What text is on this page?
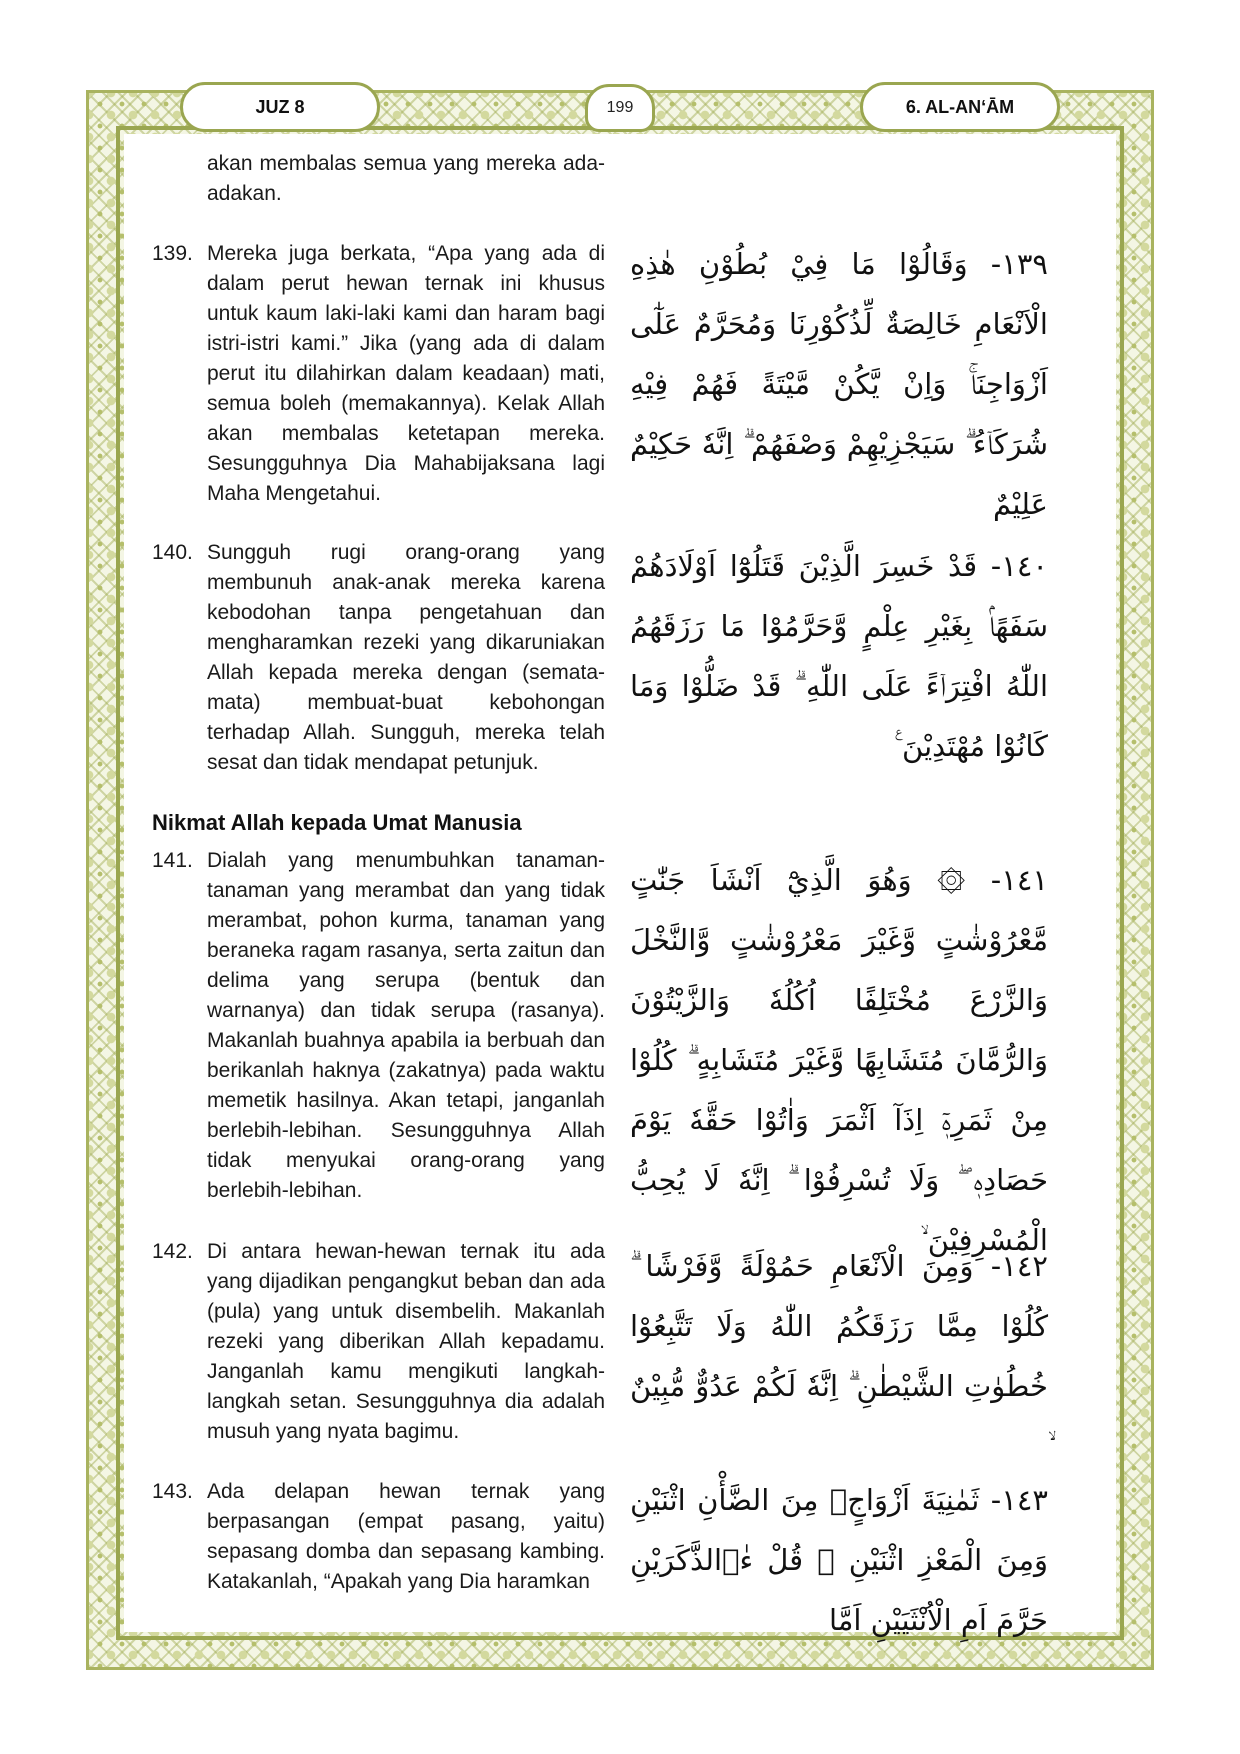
JUZ 8	199	6. AL-AN‘ĀM
akan membalas semua yang mereka ada-adakan.
139. Mereka juga berkata, “Apa yang ada di dalam perut hewan ternak ini khusus untuk kaum laki-laki kami dan haram bagi istri-istri kami.” Jika (yang ada di dalam perut itu dilahirkan dalam keadaan) mati, semua boleh (memakannya). Kelak Allah akan membalas ketetapan mereka. Sesungguhnya Dia Mahabijaksana lagi Maha Mengetahui.
١٣٩- وَقَالُوْا مَا فِيْ بُطُوْنِ هٰذِهِ الْاَنْعَامِ خَالِصَةٌ لِّذُكُوْرِنَا وَمُحَرَّمٌ عَلٰٓى اَزْوَاجِنَاۚ وَاِنْ يَّكُنْ مَّيْتَةً فَهُمْ فِيْهِ شُرَكَاۤءُ ۗ سَيَجْزِيْهِمْ وَصْفَهُمْ ۗ اِنَّهٗ حَكِيْمٌ عَلِيْمٌ
140. Sungguh rugi orang-orang yang membunuh anak-anak mereka karena kebodohan tanpa pengetahuan dan mengharamkan rezeki yang dikaruniakan Allah kepada mereka dengan (semata-mata) membuat-buat kebohongan terhadap Allah. Sungguh, mereka telah sesat dan tidak mendapat petunjuk.
١٤٠- قَدْ خَسِرَ الَّذِيْنَ قَتَلُوْٓا اَوْلَادَهُمْ سَفَهًاۢ بِغَيْرِ عِلْمٍ وَّحَرَّمُوْا مَا رَزَقَهُمُ اللّٰهُ افْتِرَاۤءً عَلَى اللّٰهِ ۗ قَدْ ضَلُّوْا وَمَا كَانُوْا مُهْتَدِيْنَ ࣖ
Nikmat Allah kepada Umat Manusia
141. Dialah yang menumbuhkan tanaman-tanaman yang merambat dan yang tidak merambat, pohon kurma, tanaman yang beraneka ragam rasanya, serta zaitun dan delima yang serupa (bentuk dan warnanya) dan tidak serupa (rasanya). Makanlah buahnya apabila ia berbuah dan berikanlah haknya (zakatnya) pada waktu memetik hasilnya. Akan tetapi, janganlah berlebih-lebihan. Sesungguhnya Allah tidak menyukai orang-orang yang berlebih-lebihan.
١٤١- ۞ وَهُوَ الَّذِيْٓ اَنْشَاَ جَنّٰتٍ مَّعْرُوْشٰتٍ وَّغَيْرَ مَعْرُوْشٰتٍ وَّالنَّخْلَ وَالزَّرْعَ مُخْتَلِفًا اُكُلُهٗ وَالزَّيْتُوْنَ وَالرُّمَّانَ مُتَشَابِهًا وَّغَيْرَ مُتَشَابِهٍ ۗ كُلُوْا مِنْ ثَمَرِهٖٓ اِذَآ اَثْمَرَ وَاٰتُوْا حَقَّهٗ يَوْمَ حَصَادِهٖ ۖ وَلَا تُسْرِفُوْا ۗ اِنَّهٗ لَا يُحِبُّ الْمُسْرِفِيْنَ ۙ
142. Di antara hewan-hewan ternak itu ada yang dijadikan pengangkut beban dan ada (pula) yang untuk disembelih. Makanlah rezeki yang diberikan Allah kepadamu. Janganlah kamu mengikuti langkah-langkah setan. Sesungguhnya dia adalah musuh yang nyata bagimu.
١٤٢- وَمِنَ الْاَنْعَامِ حَمُوْلَةً وَّفَرْشًا ۗ كُلُوْا مِمَّا رَزَقَكُمُ اللّٰهُ وَلَا تَتَّبِعُوْا خُطُوٰتِ الشَّيْطٰنِ ۗ اِنَّهٗ لَكُمْ عَدُوٌّ مُّبِيْنٌ
143. Ada delapan hewan ternak yang berpasangan (empat pasang, yaitu) sepasang domba dan sepasang kambing. Katakanlah, “Apakah yang Dia haramkan
١٤٣- ثَمٰنِيَةَ اَزْوَاجٍۚ مِنَ الضَّأْنِ اثْنَيْنِ وَمِنَ الْمَعْزِ اثْنَيْنِ ۗ قُلْ ءٰۤالذَّكَرَيْنِ حَرَّمَ اَمِ الْاُنْثَيَيْنِ اَمَّا
